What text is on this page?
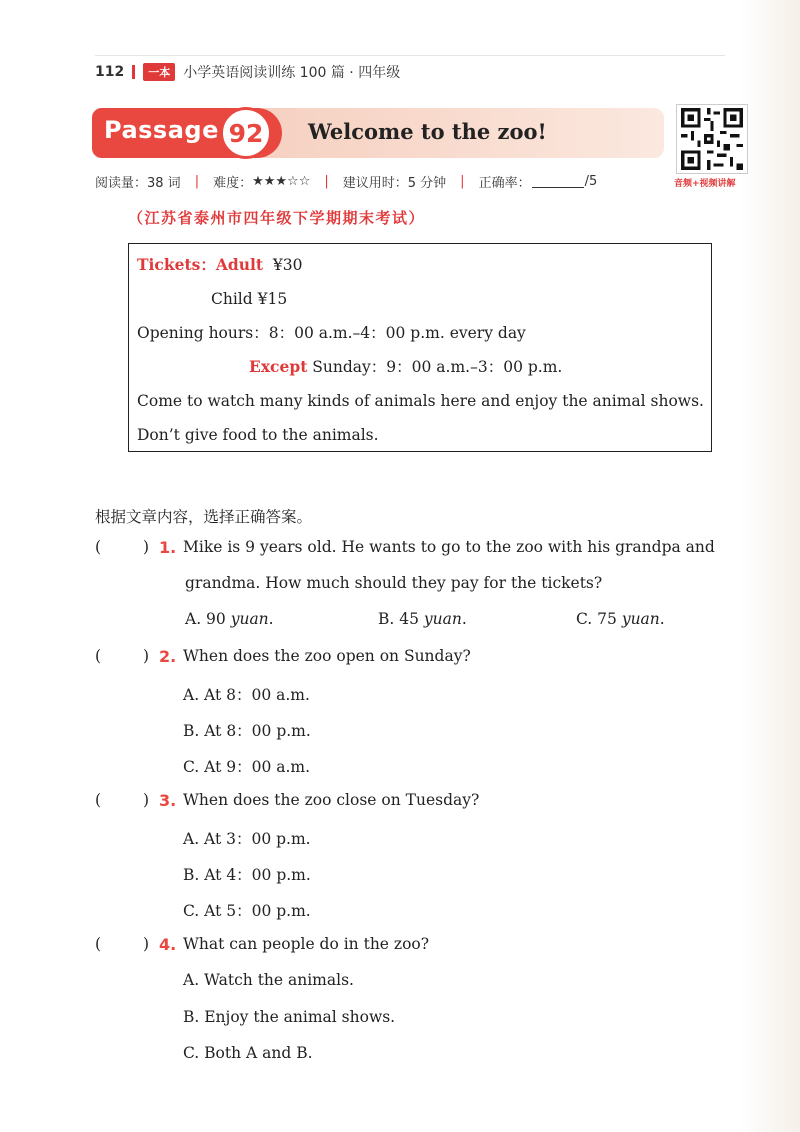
112	一本 小学英语阅读训练 100 篇 · 四年级
Passage 92	Welcome to the zoo!
音频+视频讲解
阅读量：38 词 | 难度： ★★★☆☆ | 建议用时：5 分钟 | 正确率：	/5
（江苏省泰州市四年级下学期期末考试）
Tickets：Adult ¥30
Child ¥15
Opening hours：8：00 a.m.–4：00 p.m. every day
Except Sunday：9：00 a.m.–3：00 p.m.
Come to watch many kinds of animals here and enjoy the animal shows.
Don’t give food to the animals.
根据文章内容，选择正确答案。
(	) 1. Mike is 9 years old. He wants to go to the zoo with his grandpa and
grandma. How much should they pay for the tickets?
A. 90 yuan.	B. 45 yuan.	C. 75 yuan.
(	) 2. When does the zoo open on Sunday?
A. At 8：00 a.m.
B. At 8：00 p.m.
C. At 9：00 a.m.
(	) 3. When does the zoo close on Tuesday?
A. At 3：00 p.m.
B. At 4：00 p.m.
C. At 5：00 p.m.
(	) 4. What can people do in the zoo?
A. Watch the animals.
B. Enjoy the animal shows.
C. Both A and B.
